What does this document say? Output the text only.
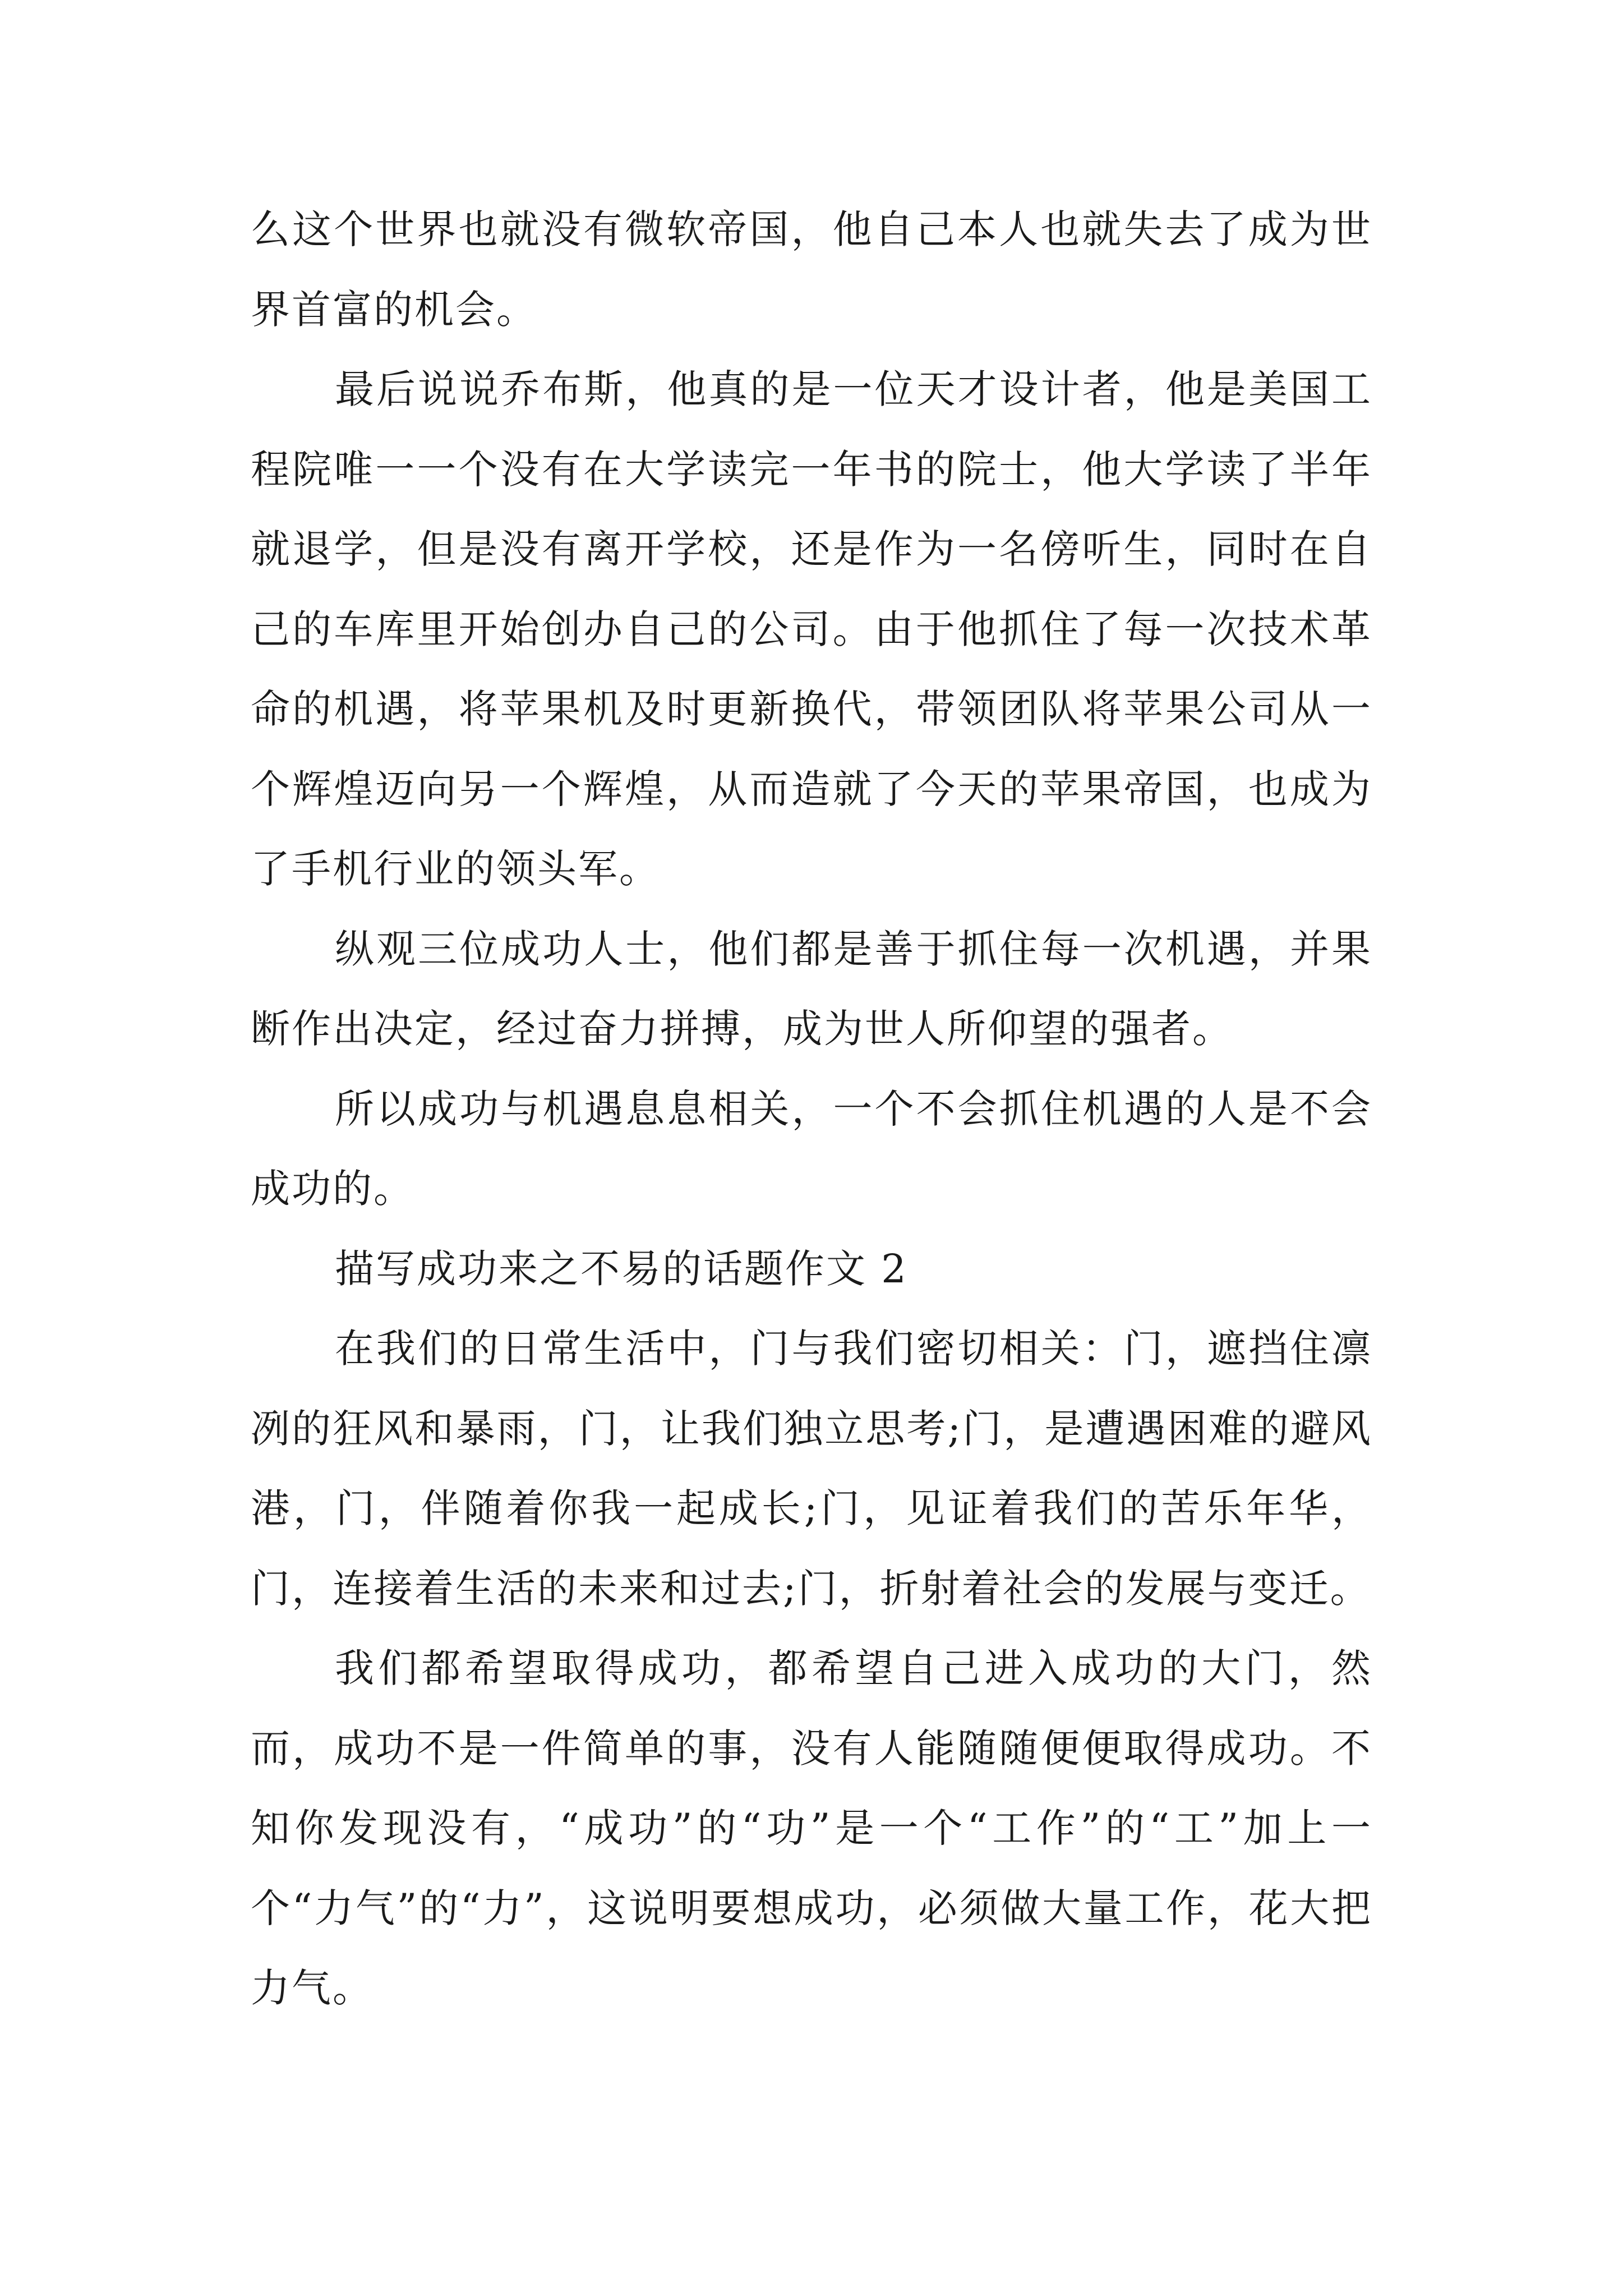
么这个世界也就没有微软帝国，他自己本人也就失去了成为世界首富的机会。

最后说说乔布斯，他真的是一位天才设计者，他是美国工程院唯一一个没有在大学读完一年书的院士，他大学读了半年就退学，但是没有离开学校，还是作为一名傍听生，同时在自己的车库里开始创办自己的公司。由于他抓住了每一次技术革命的机遇，将苹果机及时更新换代，带领团队将苹果公司从一个辉煌迈向另一个辉煌，从而造就了今天的苹果帝国，也成为了手机行业的领头军。

纵观三位成功人士，他们都是善于抓住每一次机遇，并果断作出决定，经过奋力拼搏，成为世人所仰望的强者。

所以成功与机遇息息相关，一个不会抓住机遇的人是不会成功的。

描写成功来之不易的话题作文 2

在我们的日常生活中，门与我们密切相关：门，遮挡住凛冽的狂风和暴雨，门，让我们独立思考;门，是遭遇困难的避风港，门，伴随着你我一起成长;门，见证着我们的苦乐年华，门，连接着生活的未来和过去;门，折射着社会的发展与变迁。

我们都希望取得成功，都希望自己进入成功的大门，然而，成功不是一件简单的事，没有人能随随便便取得成功。不知你发现没有，“成功”的“功”是一个“工作”的“工”加上一个“力气”的“力”，这说明要想成功，必须做大量工作，花大把力气。
